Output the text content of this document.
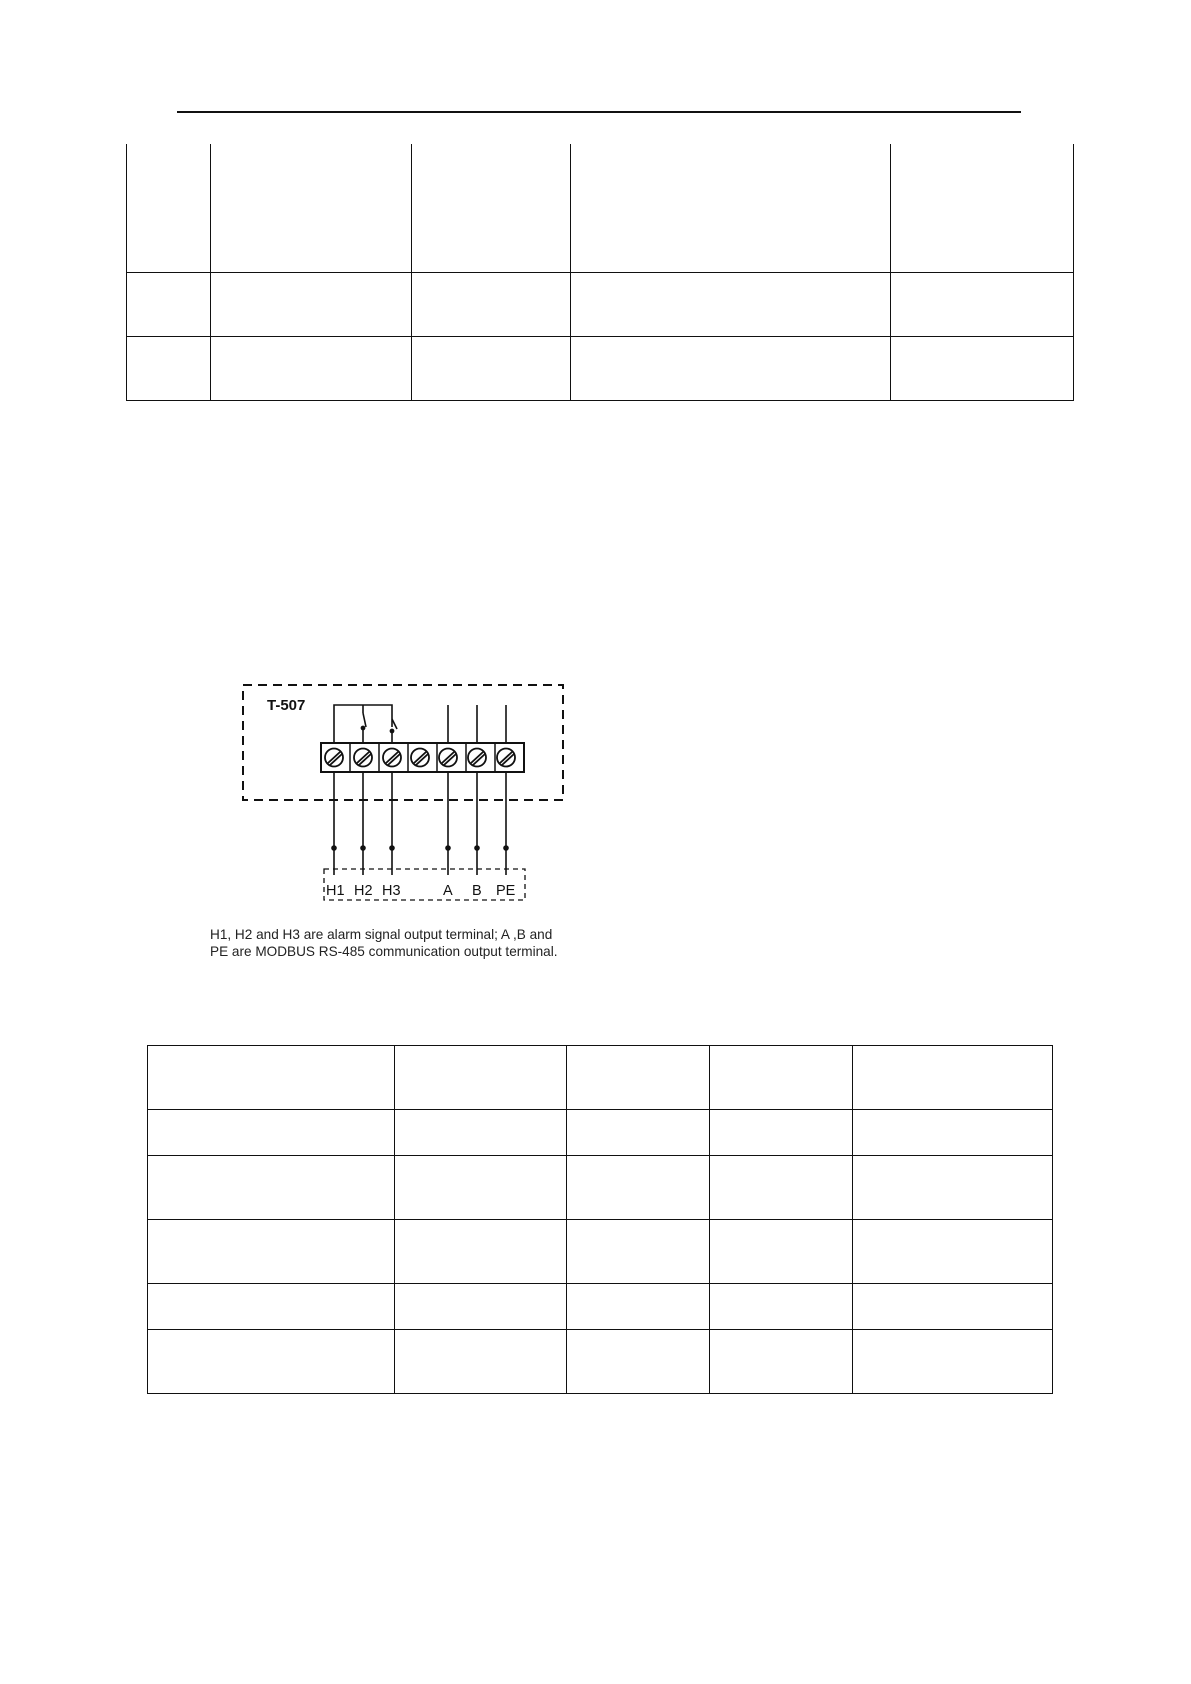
T-507
H1 H2 H3	A B PE
H1, H2 and H3 are alarm signal output terminal; A ,B and
PE are MODBUS RS-485 communication output terminal.
